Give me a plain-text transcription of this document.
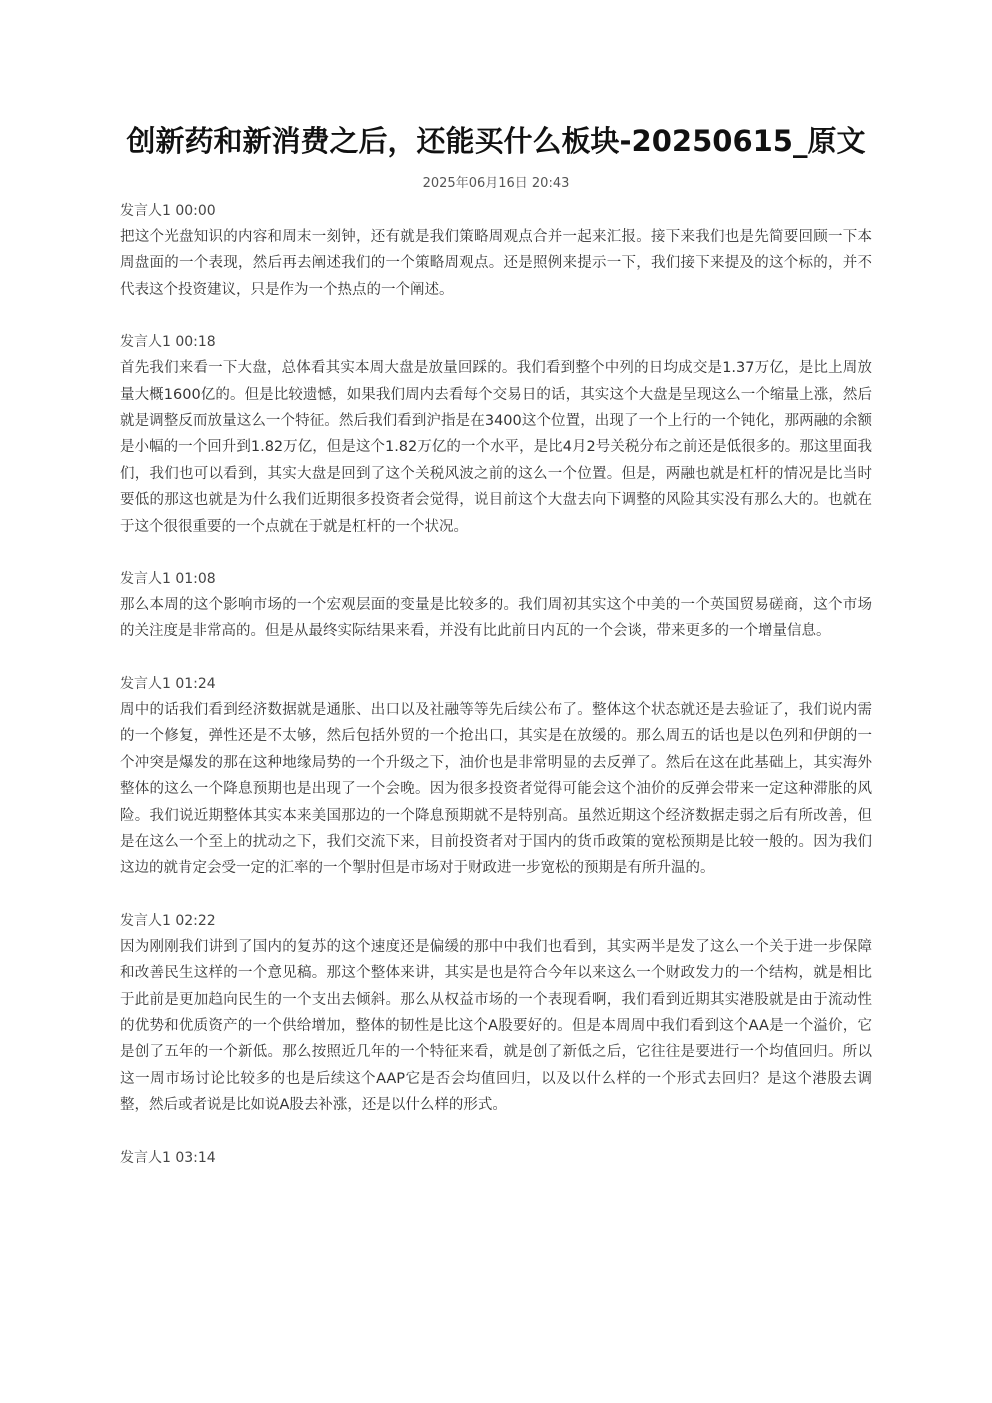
创新药和新消费之后，还能买什么板块-20250615_原文
2025年06月16日 20:43
发言人1 00:00

把这个光盘知识的内容和周末一刻钟，还有就是我们策略周观点合并一起来汇报。接下来我们也是先简要回顾一下本周盘面的一个表现，然后再去阐述我们的一个策略周观点。还是照例来提示一下，我们接下来提及的这个标的，并不代表这个投资建议，只是作为一个热点的一个阐述。

发言人1 00:18

首先我们来看一下大盘，总体看其实本周大盘是放量回踩的。我们看到整个中列的日均成交是1.37万亿，是比上周放量大概1600亿的。但是比较遗憾，如果我们周内去看每个交易日的话，其实这个大盘是呈现这么一个缩量上涨，然后就是调整反而放量这么一个特征。然后我们看到沪指是在3400这个位置，出现了一个上行的一个钝化，那两融的余额是小幅的一个回升到1.82万亿，但是这个1.82万亿的一个水平，是比4月2号关税分布之前还是低很多的。那这里面我们，我们也可以看到，其实大盘是回到了这个关税风波之前的这么一个位置。但是，两融也就是杠杆的情况是比当时要低的那这也就是为什么我们近期很多投资者会觉得，说目前这个大盘去向下调整的风险其实没有那么大的。也就在于这个很很重要的一个点就在于就是杠杆的一个状况。

发言人1 01:08

那么本周的这个影响市场的一个宏观层面的变量是比较多的。我们周初其实这个中美的一个英国贸易磋商，这个市场的关注度是非常高的。但是从最终实际结果来看，并没有比此前日内瓦的一个会谈，带来更多的一个增量信息。

发言人1 01:24

周中的话我们看到经济数据就是通胀、出口以及社融等等先后续公布了。整体这个状态就还是去验证了，我们说内需的一个修复，弹性还是不太够，然后包括外贸的一个抢出口，其实是在放缓的。那么周五的话也是以色列和伊朗的一个冲突是爆发的那在这种地缘局势的一个升级之下，油价也是非常明显的去反弹了。然后在这在此基础上，其实海外整体的这么一个降息预期也是出现了一个会晚。因为很多投资者觉得可能会这个油价的反弹会带来一定这种滞胀的风险。我们说近期整体其实本来美国那边的一个降息预期就不是特别高。虽然近期这个经济数据走弱之后有所改善，但是在这么一个至上的扰动之下，我们交流下来，目前投资者对于国内的货币政策的宽松预期是比较一般的。因为我们这边的就肯定会受一定的汇率的一个掣肘但是市场对于财政进一步宽松的预期是有所升温的。

发言人1 02:22

因为刚刚我们讲到了国内的复苏的这个速度还是偏缓的那中中我们也看到，其实两半是发了这么一个关于进一步保障和改善民生这样的一个意见稿。那这个整体来讲，其实是也是符合今年以来这么一个财政发力的一个结构，就是相比于此前是更加趋向民生的一个支出去倾斜。那么从权益市场的一个表现看啊，我们看到近期其实港股就是由于流动性的优势和优质资产的一个供给增加，整体的韧性是比这个A股要好的。但是本周周中我们看到这个AA是一个溢价，它是创了五年的一个新低。那么按照近几年的一个特征来看，就是创了新低之后，它往往是要进行一个均值回归。所以这一周市场讨论比较多的也是后续这个AAP它是否会均值回归，以及以什么样的一个形式去回归？是这个港股去调整，然后或者说是比如说A股去补涨，还是以什么样的形式。

发言人1 03:14
